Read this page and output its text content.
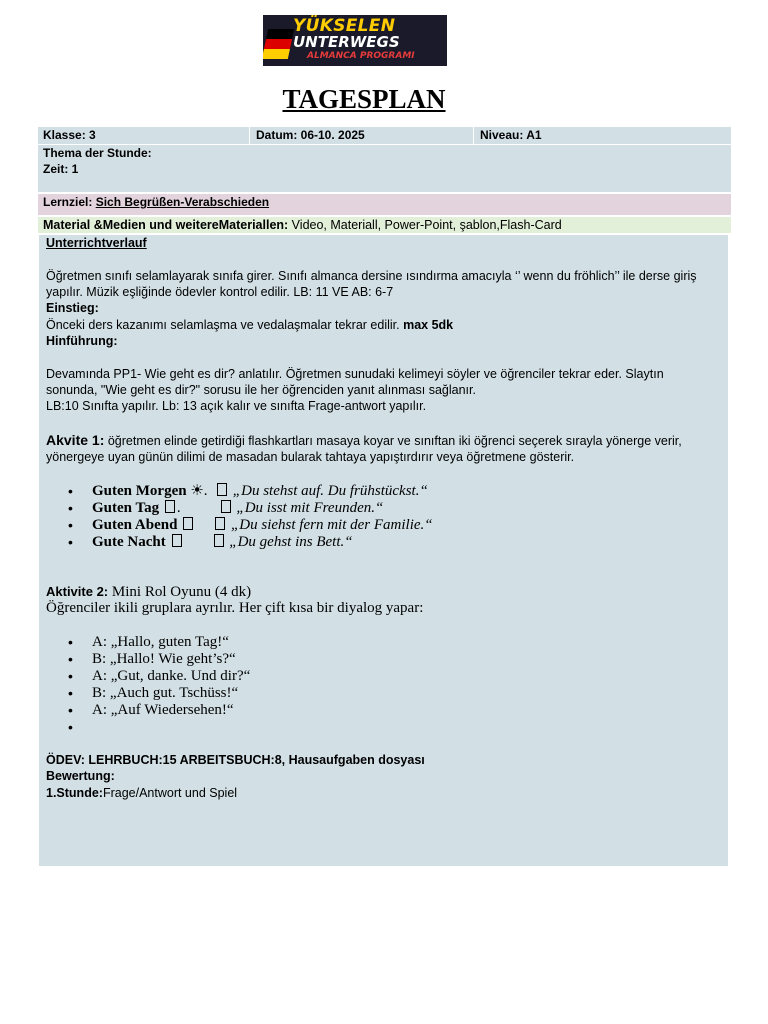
YÜKSELEN
UNTERWEGS
ALMANCA PROGRAMI
TAGESPLAN
Klasse: 3	Datum: 06-10. 2025	Niveau: A1
Thema der Stunde:
Zeit: 1
Lernziel: Sich Begrüßen-Verabschieden
Material &Medien und weitereMateriallen: Video, Materiall, Power-Point, şablon,Flash-Card
Unterrichtverlauf
Öğretmen sınıfı selamlayarak sınıfa girer. Sınıfı almanca dersine ısındırma amacıyla ‘’ wenn du fröhlich’’ ile derse giriş
yapılır. Müzik eşliğinde ödevler kontrol edilir. LB: 11 VE AB: 6-7
Einstieg:
Önceki ders kazanımı selamlaşma ve vedalaşmalar tekrar edilir. max 5dk
Hinführung:
Devamında PP1- Wie geht es dir? anlatılır. Öğretmen sunudaki kelimeyi söyler ve öğrenciler tekrar eder. Slaytın
sonunda, "Wie geht es dir?" sorusu ile her öğrenciden yanıt alınması sağlanır.
LB:10 Sınıfta yapılır. Lb: 13 açık kalır ve sınıfta Frage-antwort yapılır.
Akvite 1: öğretmen elinde getirdiği flashkartları masaya koyar ve sınıftan iki öğrenci seçerek sırayla yönerge verir,
yönergeye uyan günün dilimi de masadan bularak tahtaya yapıştırdırır veya öğretmene gösterir.
• Guten Morgen ☀. „Du stehst auf. Du frühstückst.“
• Guten Tag .	„Du isst mit Freunden.“
• Guten Abend	„Du siehst fern mit der Familie.“
• Gute Nacht	„Du gehst ins Bett.“
Aktivite 2: Mini Rol Oyunu (4 dk)
Öğrenciler ikili gruplara ayrılır. Her çift kısa bir diyalog yapar:
• A: „Hallo, guten Tag!“
• B: „Hallo! Wie geht’s?“
• A: „Gut, danke. Und dir?“
• B: „Auch gut. Tschüss!“
• A: „Auf Wiedersehen!“
•
ÖDEV: LEHRBUCH:15 ARBEITSBUCH:8, Hausaufgaben dosyası
Bewertung:
1.Stunde:Frage/Antwort und Spiel
